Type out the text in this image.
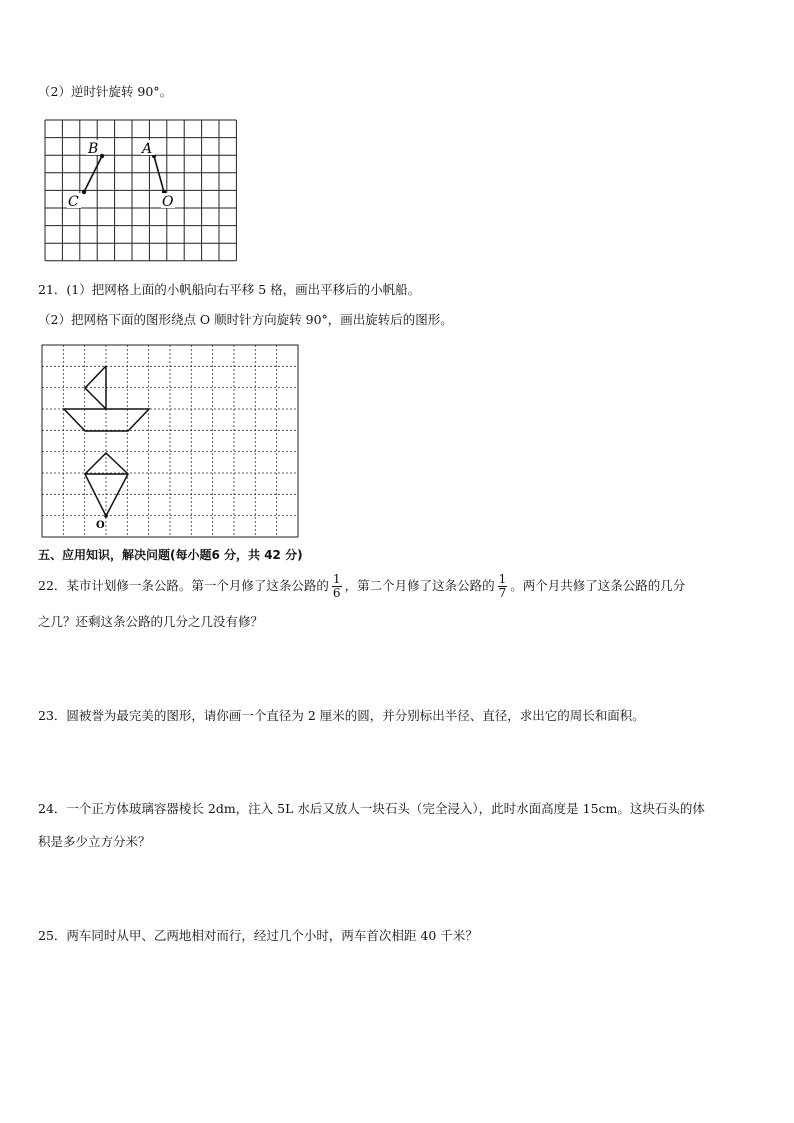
（2）逆时针旋转 90°。
B	A
C	O
21．(1）把网格上面的小帆船向右平移 5 格，画出平移后的小帆船。
（2）把网格下面的图形绕点 O 顺时针方向旋转 90°，画出旋转后的图形。
O
五、应用知识，解决问题(每小题6 分，共 42 分)
22．某市计划修一条公路。第一个月修了这条公路的 $\frac{1}{6}$ ，第二个月修了这条公路的 $\frac{1}{7}$ 。两个月共修了这条公路的几分
之几？还剩这条公路的几分之几没有修？
23．圆被誉为最完美的图形，请你画一个直径为 2 厘米的圆，并分别标出半径、直径，求出它的周长和面积。
24．一个正方体玻璃容器棱长 2dm，注入 5L 水后又放人一块石头（完全浸入），此时水面高度是 15cm。这块石头的体
积是多少立方分米？
25．两车同时从甲、乙两地相对而行，经过几个小时，两车首次相距 40 千米？
